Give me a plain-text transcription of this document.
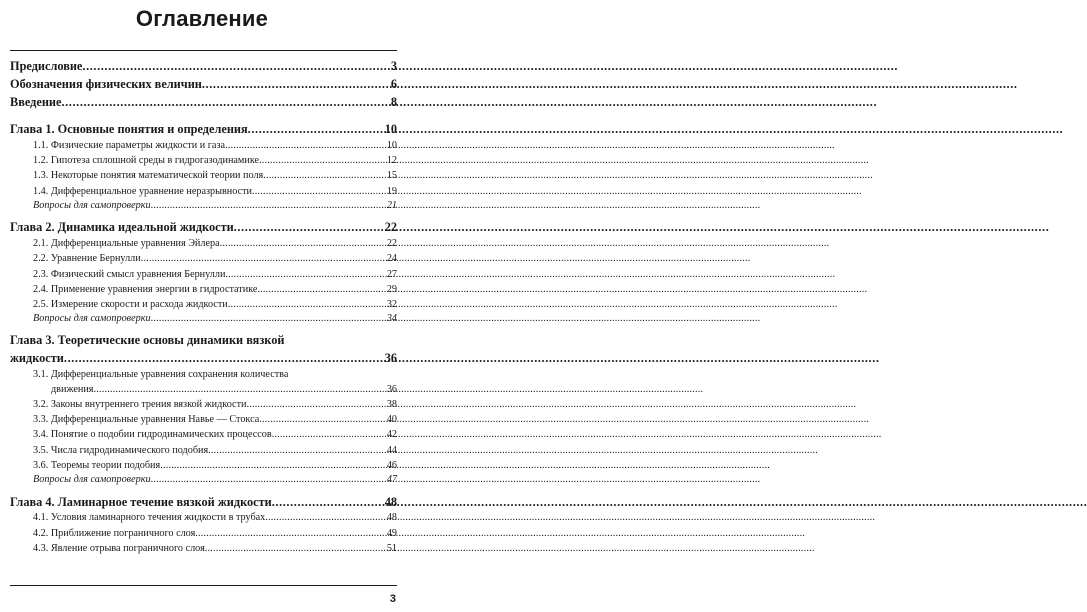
Оглавление
Предисловие .....	3
Обозначения физических величин .....	6
Введение .....	8
Глава 1. Основные понятия и определения .....	10
1.1. Физические параметры жидкости и газа .....	10
1.2. Гипотеза сплошной среды в гидрогазодинамике .....	12
1.3. Некоторые понятия математической теории поля .....	15
1.4. Дифференциальное уравнение неразрывности .....	19
Вопросы для самопроверки .....	21
Глава 2. Динамика идеальной жидкости .....	22
2.1. Дифференциальные уравнения Эйлера .....	22
2.2. Уравнение Бернулли .....	24
2.3. Физический смысл уравнения Бернулли .....	27
2.4. Применение уравнения энергии в гидростатике .....	29
2.5. Измерение скорости и расхода жидкости .....	32
Вопросы для самопроверки .....	34
Глава 3. Теоретические основы динамики вязкой
жидкости .....	36
3.1. Дифференциальные уравнения сохранения количества
движения .....	36
3.2. Законы внутреннего трения вязкой жидкости .....	38
3.3. Дифференциальные уравнения Навье — Стокса .....	40
3.4. Понятие о подобии гидродинамических процессов .....	42
3.5. Числа гидродинамического подобия .....	44
3.6. Теоремы теории подобия .....	46
Вопросы для самопроверки .....	47
Глава 4. Ламинарное течение вязкой жидкости .....	48
4.1. Условия ламинарного течения жидкости в трубах .....	48
4.2. Приближение пограничного слоя .....	49
4.3. Явление отрыва пограничного слоя .....	51
3
